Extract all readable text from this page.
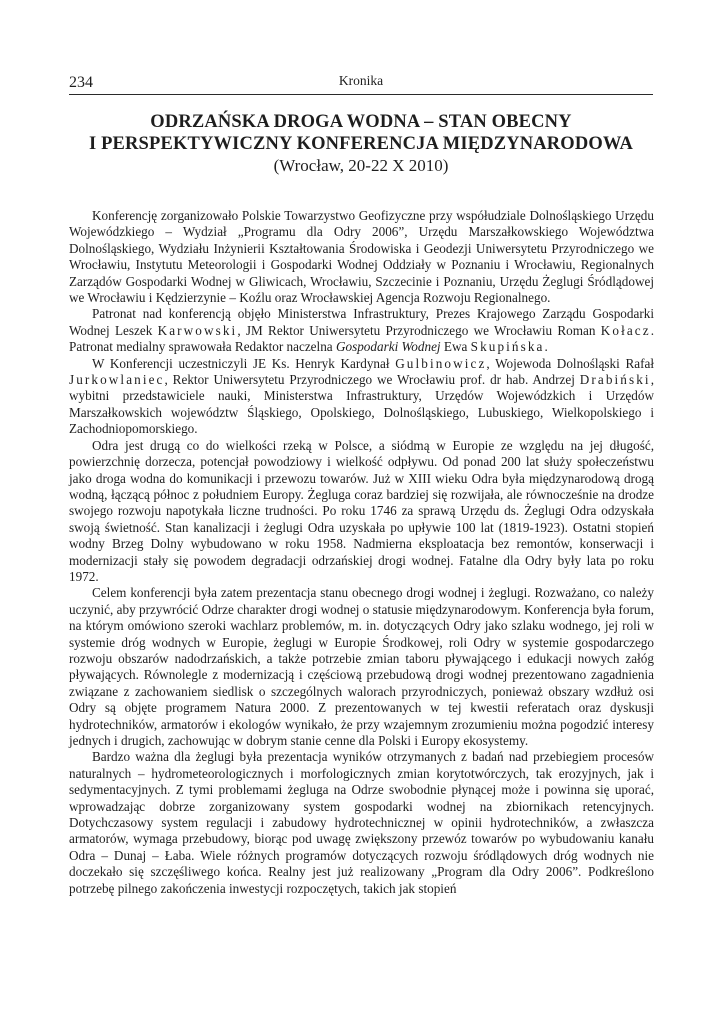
234	Kronika
ODRZAŃSKA DROGA WODNA – STAN OBECNY
I PERSPEKTYWICZNY KONFERENCJA MIĘDZYNARODOWA
(Wrocław, 20-22 X 2010)

Konferencję zorganizowało Polskie Towarzystwo Geofizyczne przy współudziale Dolnośląskiego Urzędu Wojewódzkiego – Wydział „Programu dla Odry 2006”, Urzędu Marszałkowskiego Województwa Dolnośląskiego, Wydziału Inżynierii Kształtowania Środowiska i Geodezji Uniwersytetu Przyrodniczego we Wrocławiu, Instytutu Meteorologii i Gospodarki Wodnej Oddziały w Poznaniu i Wrocławiu, Regionalnych Zarządów Gospodarki Wodnej w Gliwicach, Wrocławiu, Szczecinie i Poznaniu, Urzędu Żeglugi Śródlądowej we Wrocławiu i Kędzierzynie – Koźlu oraz Wrocławskiej Agencja Rozwoju Regionalnego.

Patronat nad konferencją objęło Ministerstwa Infrastruktury, Prezes Krajowego Zarządu Gospodarki Wodnej Leszek Karwowski, JM Rektor Uniwersytetu Przyrodniczego we Wrocławiu Roman Kołacz. Patronat medialny sprawowała Redaktor naczelna Gospodarki Wodnej Ewa Skupińska.

W Konferencji uczestniczyli JE Ks. Henryk Kardynał Gulbinowicz, Wojewoda Dolnośląski Rafał Jurkowlaniec, Rektor Uniwersytetu Przyrodniczego we Wrocławiu prof. dr hab. Andrzej Drabiński, wybitni przedstawiciele nauki, Ministerstwa Infrastruktury, Urzędów Wojewódzkich i Urzędów Marszałkowskich województw Śląskiego, Opolskiego, Dolnośląskiego, Lubuskiego, Wielkopolskiego i Zachodniopomorskiego.

Odra jest drugą co do wielkości rzeką w Polsce, a siódmą w Europie ze względu na jej długość, powierzchnię dorzecza, potencjał powodziowy i wielkość odpływu. Od ponad 200 lat służy społeczeństwu jako droga wodna do komunikacji i przewozu towarów. Już w XIII wieku Odra była międzynarodową drogą wodną, łączącą północ z południem Europy. Żegluga coraz bardziej się rozwijała, ale równocześnie na drodze swojego rozwoju napotykała liczne trudności. Po roku 1746 za sprawą Urzędu ds. Żeglugi Odra odzyskała swoją świetność. Stan kanalizacji i żeglugi Odra uzyskała po upływie 100 lat (1819-1923). Ostatni stopień wodny Brzeg Dolny wybudowano w roku 1958. Nadmierna eksploatacja bez remontów, konserwacji i modernizacji stały się powodem degradacji odrzańskiej drogi wodnej. Fatalne dla Odry były lata po roku 1972.

Celem konferencji była zatem prezentacja stanu obecnego drogi wodnej i żeglugi. Rozważano, co należy uczynić, aby przywrócić Odrze charakter drogi wodnej o statusie międzynarodowym. Konferencja była forum, na którym omówiono szeroki wachlarz problemów, m. in. dotyczących Odry jako szlaku wodnego, jej roli w systemie dróg wodnych w Europie, żeglugi w Europie Środkowej, roli Odry w systemie gospodarczego rozwoju obszarów nadodrzańskich, a także potrzebie zmian taboru pływającego i edukacji nowych załóg pływających. Równolegle z modernizacją i częściową przebudową drogi wodnej prezentowano zagadnienia związane z zachowaniem siedlisk o szczególnych walorach przyrodniczych, ponieważ obszary wzdłuż osi Odry są objęte programem Natura 2000. Z prezentowanych w tej kwestii referatach oraz dyskusji hydrotechników, armatorów i ekologów wynikało, że przy wzajemnym zrozumieniu można pogodzić interesy jednych i drugich, zachowując w dobrym stanie cenne dla Polski i Europy ekosystemy.

Bardzo ważna dla żeglugi była prezentacja wyników otrzymanych z badań nad przebiegiem procesów naturalnych – hydrometeorologicznych i morfologicznych zmian korytotwórczych, tak erozyjnych, jak i sedymentacyjnych. Z tymi problemami żegluga na Odrze swobodnie płynącej może i powinna się uporać, wprowadzając dobrze zorganizowany system gospodarki wodnej na zbiornikach retencyjnych. Dotychczasowy system regulacji i zabudowy hydrotechnicznej w opinii hydrotechników, a zwłaszcza armatorów, wymaga przebudowy, biorąc pod uwagę zwiększony przewóz towarów po wybudowaniu kanału Odra – Dunaj – Łaba. Wiele różnych programów dotyczących rozwoju śródlądowych dróg wodnych nie doczekało się szczęśliwego końca. Realny jest już realizowany „Program dla Odry 2006”. Podkreślono potrzebę pilnego zakończenia inwestycji rozpoczętych, takich jak stopień
